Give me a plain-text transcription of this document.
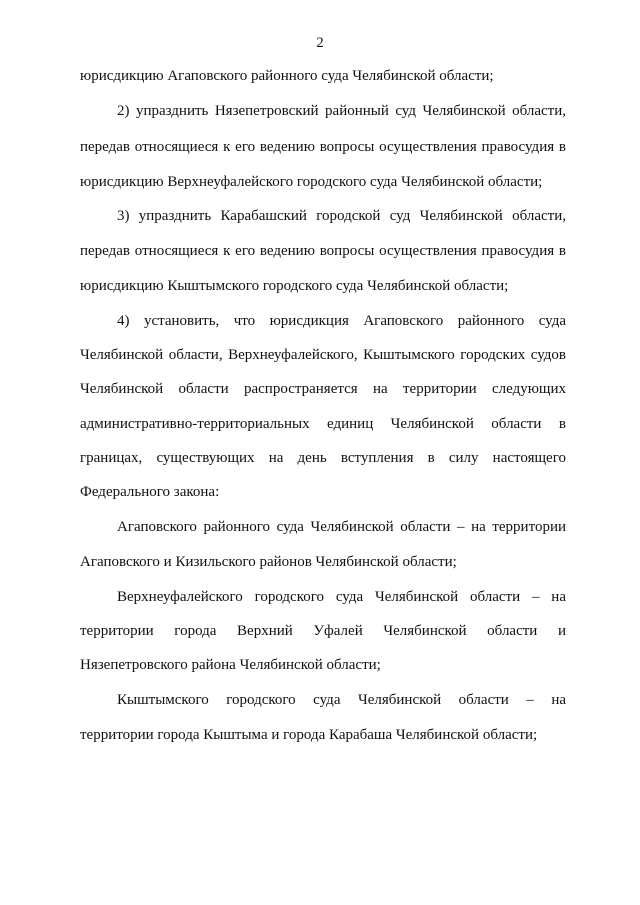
2
юрисдикцию Агаповского районного суда Челябинской области;
2) упразднить Нязепетровский районный суд Челябинской области,
передав относящиеся к его ведению вопросы осуществления правосудия в
юрисдикцию Верхнеуфалейского городского суда Челябинской области;
3) упразднить Карабашский городской суд Челябинской области,
передав относящиеся к его ведению вопросы осуществления правосудия в
юрисдикцию Кыштымского городского суда Челябинской области;
4) установить, что юрисдикция Агаповского районного суда
Челябинской области, Верхнеуфалейского, Кыштымского городских судов
Челябинской области распространяется на территории следующих
административно-территориальных единиц Челябинской области в
границах, существующих на день вступления в силу настоящего
Федерального закона:
Агаповского районного суда Челябинской области – на территории
Агаповского и Кизильского районов Челябинской области;
Верхнеуфалейского городского суда Челябинской области – на
территории города Верхний Уфалей Челябинской области и
Нязепетровского района Челябинской области;
Кыштымского городского суда Челябинской области – на
территории города Кыштыма и города Карабаша Челябинской области;
